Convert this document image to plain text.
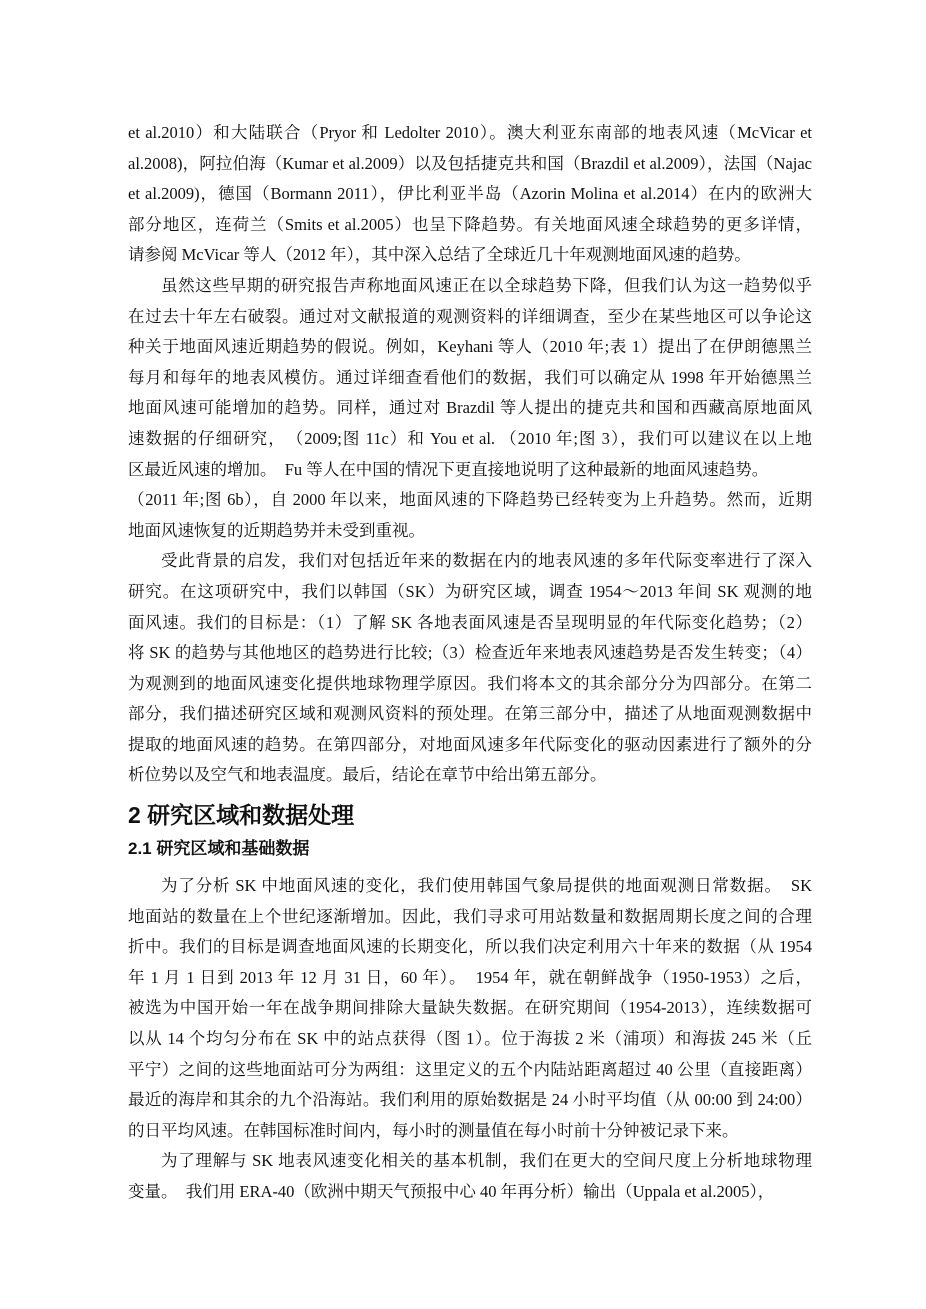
et al.2010）和大陆联合（Pryor 和 Ledolter 2010）。澳大利亚东南部的地表风速（McVicar et
al.2008)，阿拉伯海（Kumar et al.2009）以及包括捷克共和国（Brazdil et al.2009），法国（Najac
et al.2009)，德国（Bormann 2011），伊比利亚半岛（Azorin Molina et al.2014）在内的欧洲大
部分地区，连荷兰（Smits et al.2005）也呈下降趋势。有关地面风速全球趋势的更多详情，
请参阅 McVicar 等人（2012 年），其中深入总结了全球近几十年观测地面风速的趋势。
虽然这些早期的研究报告声称地面风速正在以全球趋势下降，但我们认为这一趋势似乎
在过去十年左右破裂。通过对文献报道的观测资料的详细调查，至少在某些地区可以争论这
种关于地面风速近期趋势的假说。例如，Keyhani 等人（2010 年;表 1）提出了在伊朗德黑兰
每月和每年的地表风模仿。通过详细查看他们的数据，我们可以确定从 1998 年开始德黑兰
地面风速可能增加的趋势。同样，通过对 Brazdil 等人提出的捷克共和国和西藏高原地面风
速数据的仔细研究，　（2009;图 11c）和 You et al. （2010 年;图 3），我们可以建议在以上地
区最近风速的增加。　Fu 等人在中国的情况下更直接地说明了这种最新的地面风速趋势。
（2011 年;图 6b），自 2000 年以来，地面风速的下降趋势已经转变为上升趋势。然而，近期
地面风速恢复的近期趋势并未受到重视。
受此背景的启发，我们对包括近年来的数据在内的地表风速的多年代际变率进行了深入
研究。在这项研究中，我们以韩国（SK）为研究区域，调查 1954～2013 年间 SK 观测的地
面风速。我们的目标是：（1）了解 SK 各地表面风速是否呈现明显的年代际变化趋势；（2）
将 SK 的趋势与其他地区的趋势进行比较;（3）检查近年来地表风速趋势是否发生转变；（4）
为观测到的地面风速变化提供地球物理学原因。我们将本文的其余部分分为四部分。在第二
部分，我们描述研究区域和观测风资料的预处理。在第三部分中，描述了从地面观测数据中
提取的地面风速的趋势。在第四部分，对地面风速多年代际变化的驱动因素进行了额外的分
析位势以及空气和地表温度。最后，结论在章节中给出第五部分。
2 研究区域和数据处理
2.1 研究区域和基础数据
为了分析 SK 中地面风速的变化，我们使用韩国气象局提供的地面观测日常数据。　SK
地面站的数量在上个世纪逐渐增加。因此，我们寻求可用站数量和数据周期长度之间的合理
折中。我们的目标是调查地面风速的长期变化，所以我们决定利用六十年来的数据（从 1954
年 1 月 1 日到 2013 年 12 月 31 日，60 年）。　1954 年，就在朝鲜战争（1950-1953）之后，
被选为中国开始一年在战争期间排除大量缺失数据。在研究期间（1954-2013），连续数据可
以从 14 个均匀分布在 SK 中的站点获得（图 1）。位于海拔 2 米（浦项）和海拔 245 米（丘
平宁）之间的这些地面站可分为两组：这里定义的五个内陆站距离超过 40 公里（直接距离）
最近的海岸和其余的九个沿海站。我们利用的原始数据是 24 小时平均值（从 00:00 到 24:00）
的日平均风速。在韩国标准时间内，每小时的测量值在每小时前十分钟被记录下来。
为了理解与 SK 地表风速变化相关的基本机制，我们在更大的空间尺度上分析地球物理
变量。　我们用 ERA-40（欧洲中期天气预报中心 40 年再分析）输出（Uppala et al.2005），
